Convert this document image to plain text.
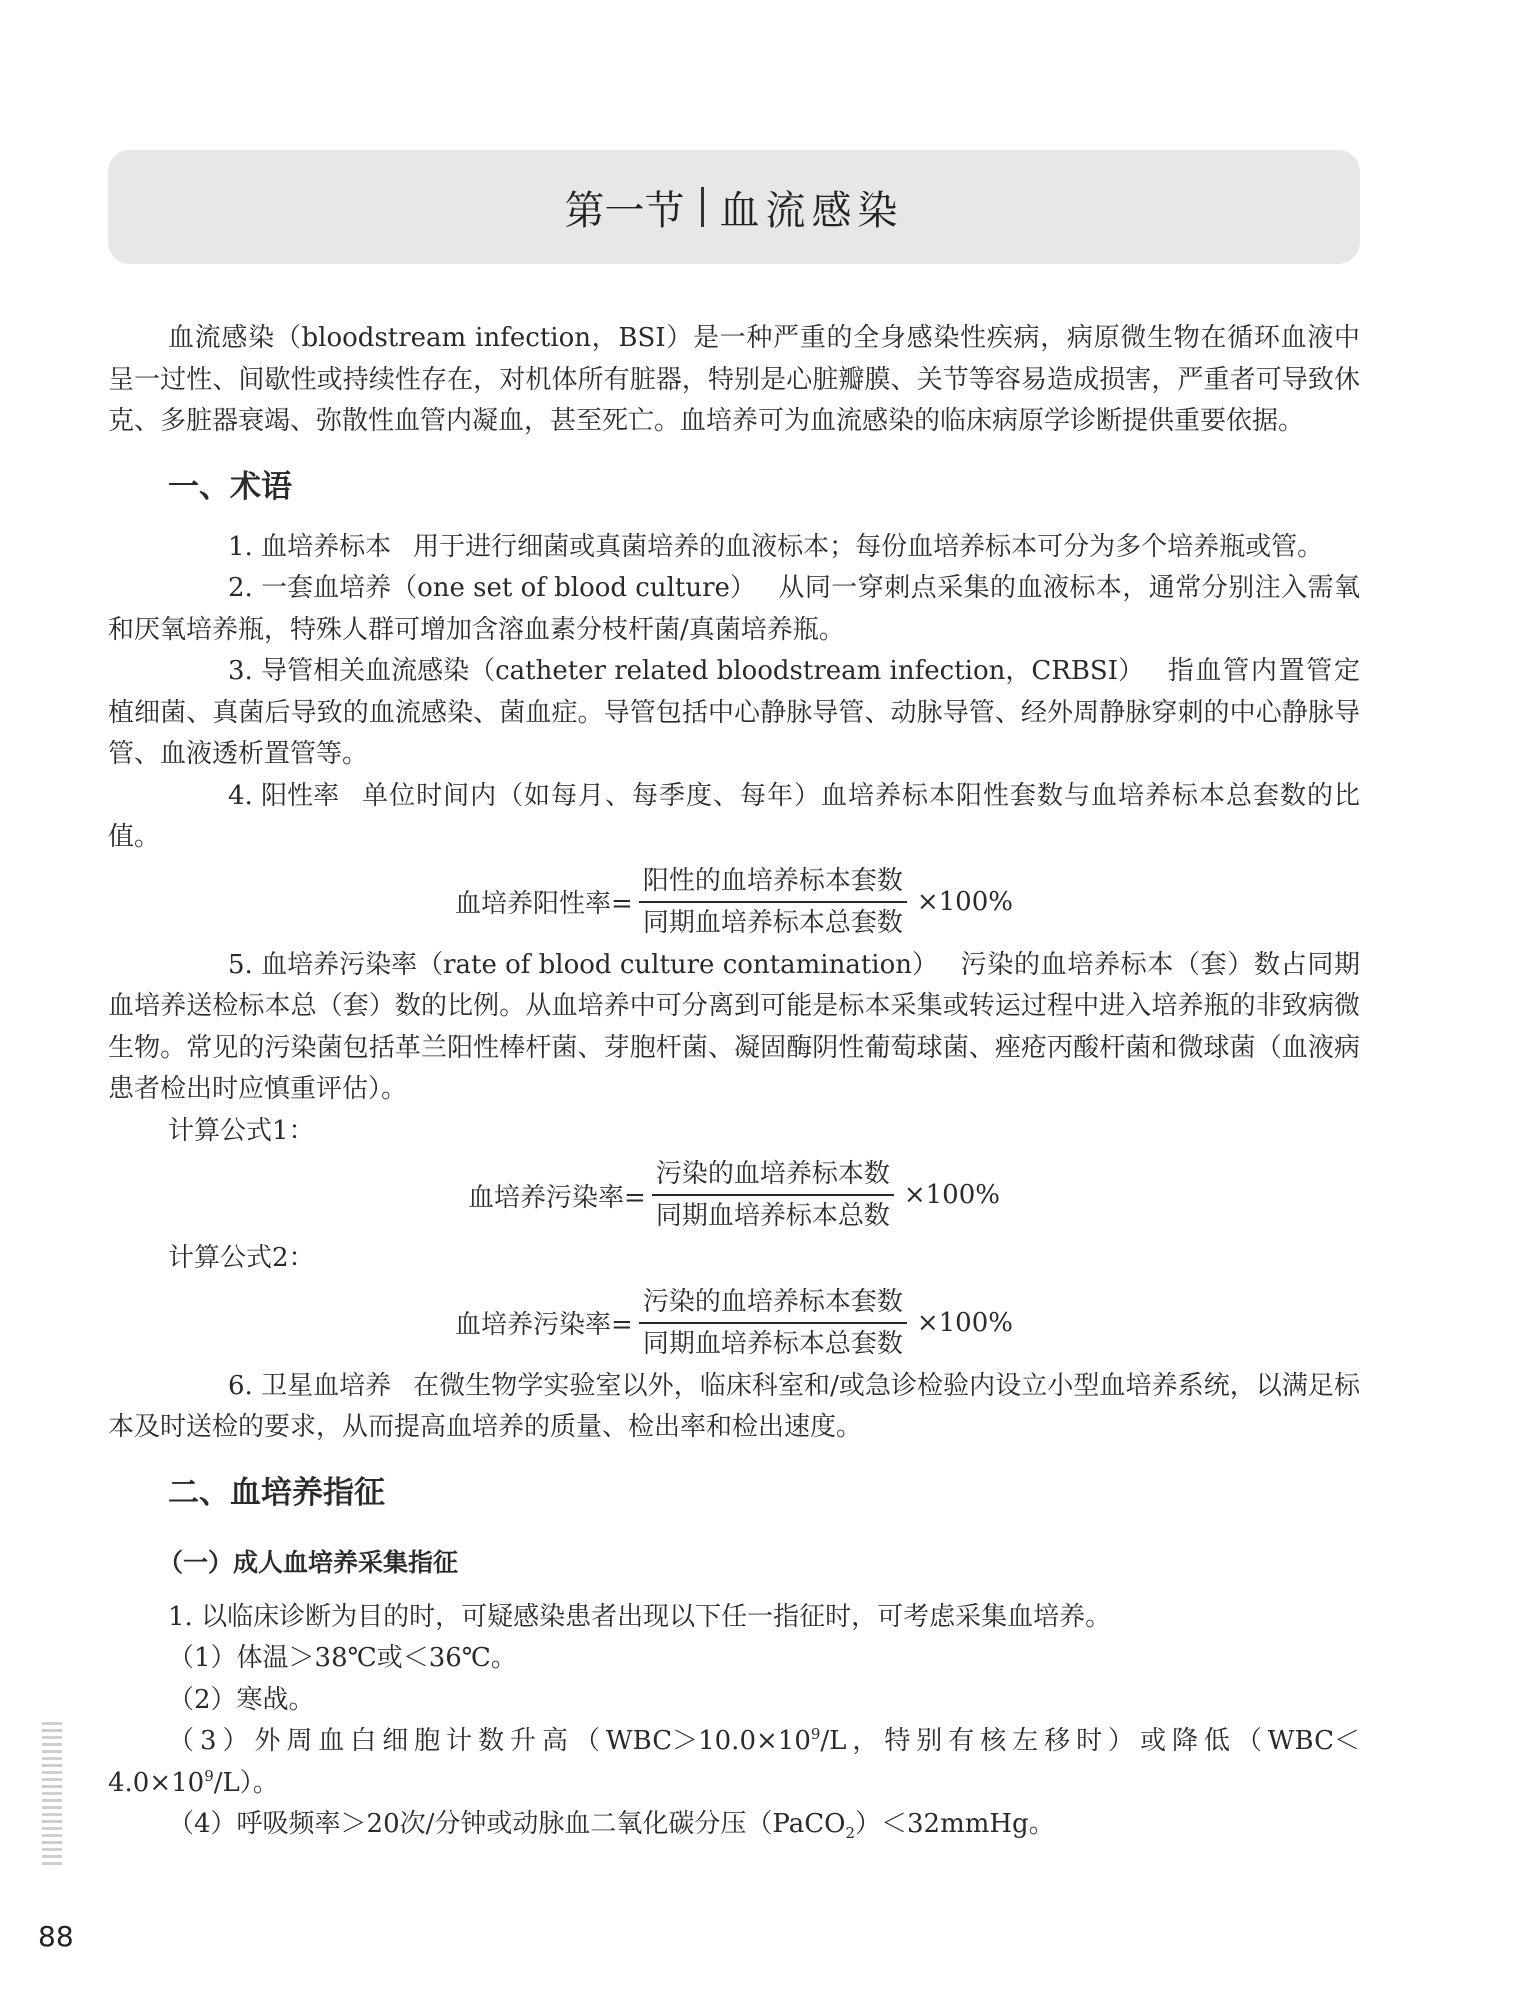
第一节 血流感染

血流感染（bloodstream infection，BSI）是一种严重的全身感染性疾病，病原微生物在循环血液中呈一过性、间歇性或持续性存在，对机体所有脏器，特别是心脏瓣膜、关节等容易造成损害，严重者可导致休克、多脏器衰竭、弥散性血管内凝血，甚至死亡。血培养可为血流感染的临床病原学诊断提供重要依据。

一、术语

1. 血培养标本 用于进行细菌或真菌培养的血液标本；每份血培养标本可分为多个培养瓶或管。

2. 一套血培养（one set of blood culture） 从同一穿刺点采集的血液标本，通常分别注入需氧和厌氧培养瓶，特殊人群可增加含溶血素分枝杆菌/真菌培养瓶。

3. 导管相关血流感染（catheter related bloodstream infection，CRBSI） 指血管内置管定植细菌、真菌后导致的血流感染、菌血症。导管包括中心静脉导管、动脉导管、经外周静脉穿刺的中心静脉导管、血液透析置管等。

4. 阳性率 单位时间内（如每月、每季度、每年）血培养标本阳性套数与血培养标本总套数的比值。

血培养阳性率= $\frac{\text{阳性的血培养标本套数}}{\text{同期血培养标本总套数}} \times 100\%$

5. 血培养污染率（rate of blood culture contamination） 污染的血培养标本（套）数占同期血培养送检标本总（套）数的比例。从血培养中可分离到可能是标本采集或转运过程中进入培养瓶的非致病微生物。常见的污染菌包括革兰阳性棒杆菌、芽胞杆菌、凝固酶阴性葡萄球菌、痤疮丙酸杆菌和微球菌（血液病患者检出时应慎重评估）。

计算公式1：

血培养污染率= $\frac{\text{污染的血培养标本数}}{\text{同期血培养标本总数}} \times 100\%$

计算公式2：

血培养污染率= $\frac{\text{污染的血培养标本套数}}{\text{同期血培养标本总套数}} \times 100\%$

6. 卫星血培养 在微生物学实验室以外，临床科室和/或急诊检验内设立小型血培养系统，以满足标本及时送检的要求，从而提高血培养的质量、检出率和检出速度。

二、血培养指征
（一）成人血培养采集指征

1. 以临床诊断为目的时，可疑感染患者出现以下任一指征时，可考虑采集血培养。

（1）体温＞38℃或＜36℃。

（2）寒战。

（3）外周血白细胞计数升高（$WBC>10.0\times 10^9/L$，特别有核左移时）或降低$(WBC<4.0\times 10^9/L)$。

（4）呼吸频率＞20次/分钟或动脉血二氧化碳分压（PaCO$_2$）＜32mmHg。

88
